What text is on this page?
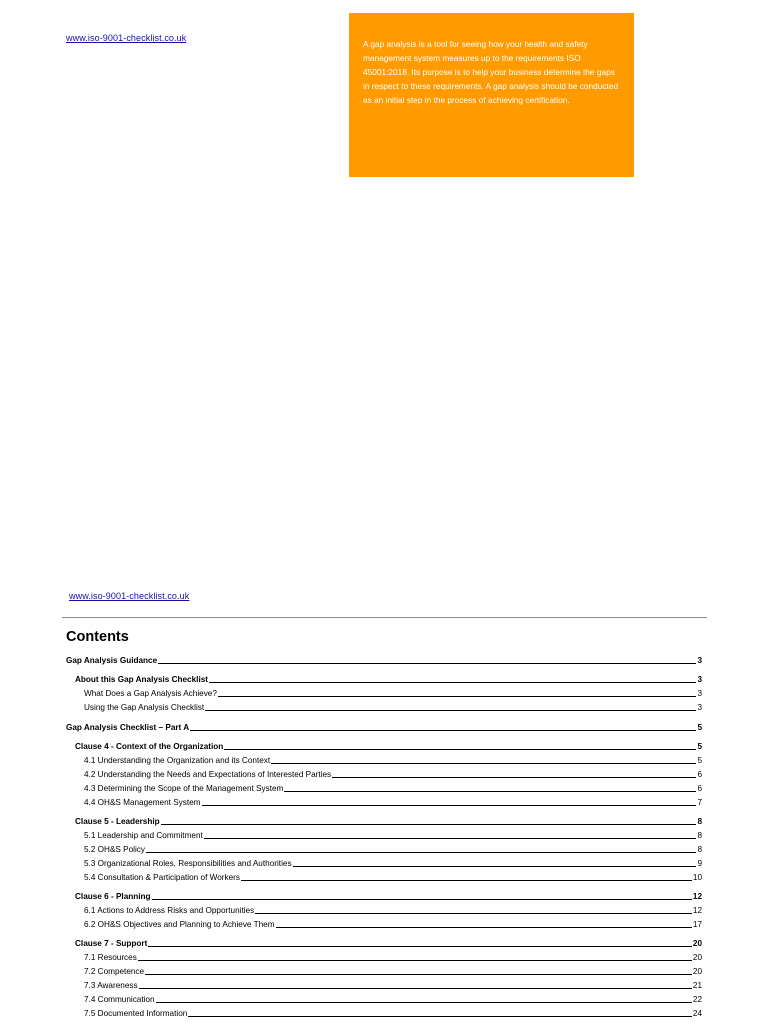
www.iso-9001-checklist.co.uk

A gap analysis is a tool for seeing how your health and safety management system measures up to the requirements ISO 45001:2018. Its purpose is to help your business determine the gaps in respect to these requirements. A gap analysis should be conducted as an initial step in the process of achieving certification.

www.iso-9001-checklist.co.uk
Contents
Gap Analysis Guidance	3
About this Gap Analysis Checklist	3
What Does a Gap Analysis Achieve?	3
Using the Gap Analysis Checklist	3
Gap Analysis Checklist – Part A	5
Clause 4 - Context of the Organization	5
4.1 Understanding the Organization and its Context	5
4.2 Understanding the Needs and Expectations of Interested Parties	6
4.3 Determining the Scope of the Management System	6
4.4 OH&S Management System	7
Clause 5 - Leadership	8
5.1 Leadership and Commitment	8
5.2 OH&S Policy	8
5.3 Organizational Roles, Responsibilities and Authorities	9
5.4 Consultation & Participation of Workers	10
Clause 6 - Planning	12
6.1 Actions to Address Risks and Opportunities	12
6.2 OH&S Objectives and Planning to Achieve Them	17
Clause 7 - Support	20
7.1 Resources	20
7.2 Competence	20
7.3 Awareness	21
7.4 Communication	22
7.5 Documented Information	24
